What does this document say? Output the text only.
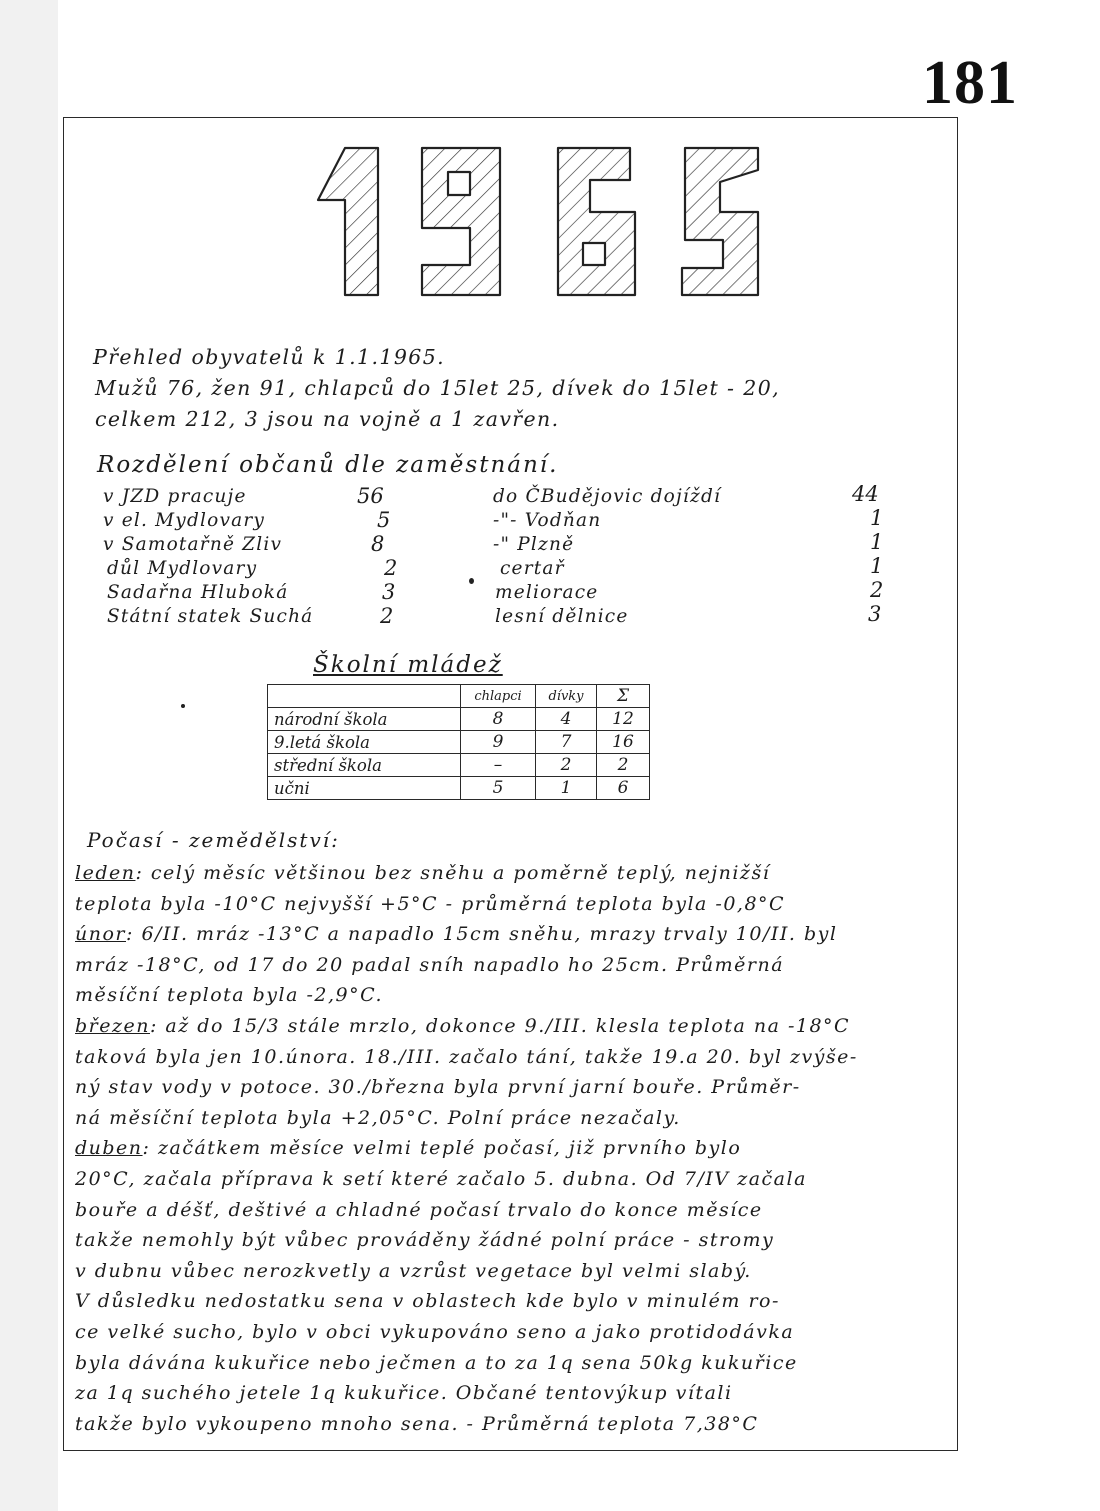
181
Přehled obyvatelů k 1.1.1965.
Mužů 76, žen 91, chlapců do 15let 25, dívek do 15let - 20,
celkem 212, 3 jsou na vojně a 1 zavřen.
Rozdělení občanů dle zaměstnání.
v JZD pracuje	56
v el. Mydlovary	5
v Samotařně Zliv	8
důl Mydlovary	2
Sadařna Hluboká	3
Státní statek Suchá	2
do ČBudějovic dojíždí	44
-"- Vodňan	1
-" Plzně	1
certař	1
meliorace	2
lesní dělnice	3
Školní mládež
	chlapci	dívky	Σ
národní škola	8	4	12
9.letá škola	9	7	16
střední škola	–	2	2
učni	5	1	6
Počasí - zemědělství:
leden: celý měsíc většinou bez sněhu a poměrně teplý, nejnižší
teplota byla -10°C nejvyšší +5°C - průměrná teplota byla -0,8°C
únor: 6/II. mráz -13°C a napadlo 15cm sněhu, mrazy trvaly 10/II. byl
mráz -18°C, od 17 do 20 padal sníh napadlo ho 25cm. Průměrná
měsíční teplota byla -2,9°C.
březen: až do 15/3 stále mrzlo, dokonce 9./III. klesla teplota na -18°C
taková byla jen 10.února. 18./III. začalo tání, takže 19.a 20. byl zvýše-
ný stav vody v potoce. 30./března byla první jarní bouře. Průměr-
ná měsíční teplota byla +2,05°C. Polní práce nezačaly.
duben: začátkem měsíce velmi teplé počasí, již prvního bylo
20°C, začala příprava k setí které začalo 5. dubna. Od 7/IV začala
bouře a déšť, deštivé a chladné počasí trvalo do konce měsíce
takže nemohly být vůbec prováděny žádné polní práce - stromy
v dubnu vůbec nerozkvetly a vzrůst vegetace byl velmi slabý.
V důsledku nedostatku sena v oblastech kde bylo v minulém ro-
ce velké sucho, bylo v obci vykupováno seno a jako protidodávka
byla dávána kukuřice nebo ječmen a to za 1q sena 50kg kukuřice
za 1q suchého jetele 1q kukuřice. Občané tentovýkup vítali
takže bylo vykoupeno mnoho sena. - Průměrná teplota 7,38°C
